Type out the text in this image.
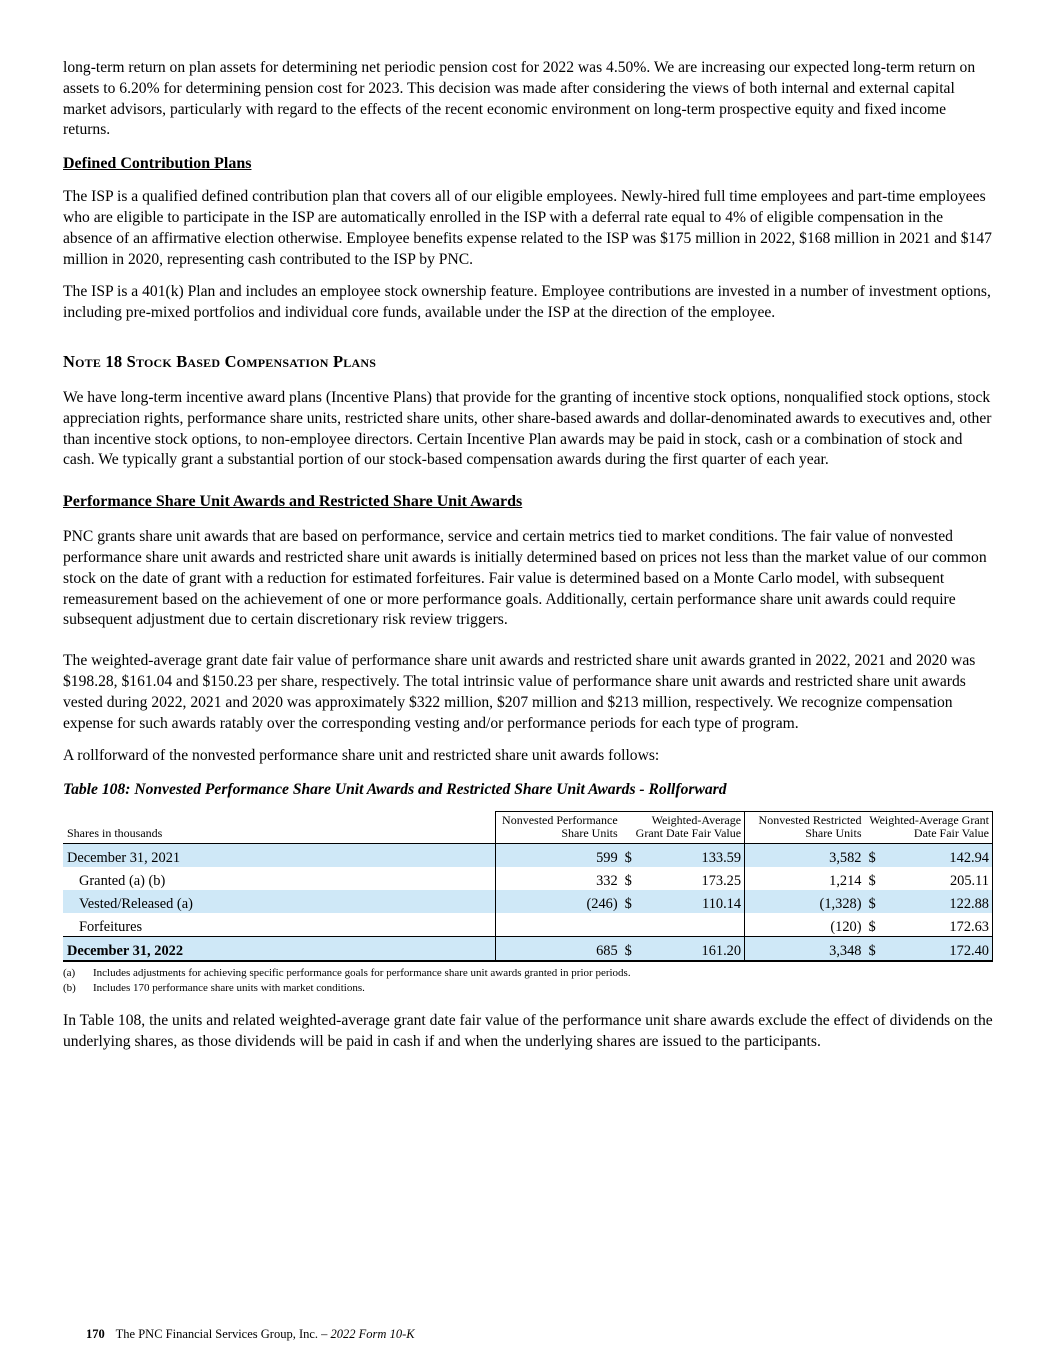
long-term return on plan assets for determining net periodic pension cost for 2022 was 4.50%. We are increasing our expected long-term return on assets to 6.20% for determining pension cost for 2023. This decision was made after considering the views of both internal and external capital market advisors, particularly with regard to the effects of the recent economic environment on long-term prospective equity and fixed income returns.

Defined Contribution Plans

The ISP is a qualified defined contribution plan that covers all of our eligible employees. Newly-hired full time employees and part-time employees who are eligible to participate in the ISP are automatically enrolled in the ISP with a deferral rate equal to 4% of eligible compensation in the absence of an affirmative election otherwise. Employee benefits expense related to the ISP was $175 million in 2022, $168 million in 2021 and $147 million in 2020, representing cash contributed to the ISP by PNC.

The ISP is a 401(k) Plan and includes an employee stock ownership feature. Employee contributions are invested in a number of investment options, including pre-mixed portfolios and individual core funds, available under the ISP at the direction of the employee.

Note 18 Stock Based Compensation Plans

We have long-term incentive award plans (Incentive Plans) that provide for the granting of incentive stock options, nonqualified stock options, stock appreciation rights, performance share units, restricted share units, other share-based awards and dollar-denominated awards to executives and, other than incentive stock options, to non-employee directors. Certain Incentive Plan awards may be paid in stock, cash or a combination of stock and cash. We typically grant a substantial portion of our stock-based compensation awards during the first quarter of each year.

Performance Share Unit Awards and Restricted Share Unit Awards

PNC grants share unit awards that are based on performance, service and certain metrics tied to market conditions. The fair value of nonvested performance share unit awards and restricted share unit awards is initially determined based on prices not less than the market value of our common stock on the date of grant with a reduction for estimated forfeitures. Fair value is determined based on a Monte Carlo model, with subsequent remeasurement based on the achievement of one or more performance goals. Additionally, certain performance share unit awards could require subsequent adjustment due to certain discretionary risk review triggers.

The weighted-average grant date fair value of performance share unit awards and restricted share unit awards granted in 2022, 2021 and 2020 was $198.28, $161.04 and $150.23 per share, respectively. The total intrinsic value of performance share unit awards and restricted share unit awards vested during 2022, 2021 and 2020 was approximately $322 million, $207 million and $213 million, respectively. We recognize compensation expense for such awards ratably over the corresponding vesting and/or performance periods for each type of program.

A rollforward of the nonvested performance share unit and restricted share unit awards follows:

Table 108: Nonvested Performance Share Unit Awards and Restricted Share Unit Awards - Rollforward
Shares in thousands	Nonvested Performance Share Units	Weighted-Average Grant Date Fair Value		Nonvested Restricted Share Units	Weighted-Average Grant Date Fair Value	
December 31, 2021	599	$	133.59	3,582	$	142.94
Granted (a) (b)	332	$	173.25	1,214	$	205.11
Vested/Released (a)	(246)	$	110.14	(1,328)	$	122.88
Forfeitures				(120)	$	172.63
December 31, 2022	685	$	161.20	3,348	$	172.40
(a) Includes adjustments for achieving specific performance goals for performance share unit awards granted in prior periods.
(b) Includes 170 performance share units with market conditions.

In Table 108, the units and related weighted-average grant date fair value of the performance unit share awards exclude the effect of dividends on the underlying shares, as those dividends will be paid in cash if and when the underlying shares are issued to the participants.

170 The PNC Financial Services Group, Inc. – 2022 Form 10-K
